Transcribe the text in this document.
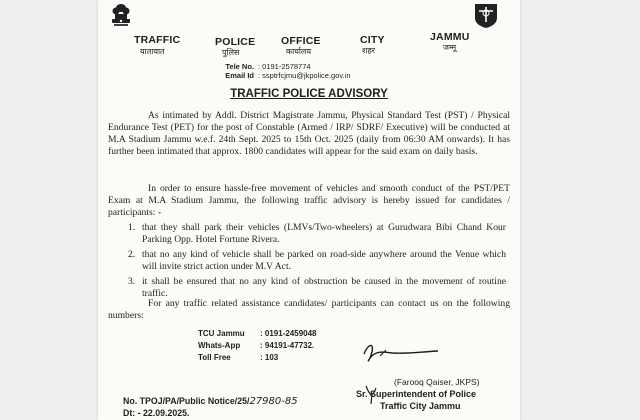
TRAFFIC
यातायात
POLICE
पुलिस
OFFICE
कार्यालय
CITY
शहर
JAMMU
जम्मू
Tele No. : 0191-2578774
Email Id : ssptrfcjmu@jkpolice.gov.in
TRAFFIC POLICE ADVISORY
As intimated by Addl. District Magistrate Jammu, Physical Standard Test (PST) / Physical Endurance Test (PET) for the post of Constable (Armed / IRP/ SDRF/ Executive) will be conducted at M.A Stadium Jammu w.e.f. 24th Sept. 2025 to 15th Oct. 2025 (daily from 06:30 AM onwards). It has further been intimated that approx. 1800 candidates will appear for the said exam on daily basis.
In order to ensure hassle-free movement of vehicles and smooth conduct of the PST/PET Exam at M.A Stadium Jammu, the following traffic advisory is hereby issued for candidates / participants: -
1. that they shall park their vehicles (LMVs/Two-wheelers) at Gurudwara Bibi Chand Kour Parking Opp. Hotel Fortune Rivera.
2. that no any kind of vehicle shall be parked on road-side anywhere around the Venue which will invite strict action under M.V Act.
3. it shall be ensured that no any kind of obstruction be caused in the movement of routine traffic.
For any traffic related assistance candidates/ participants can contact us on the following numbers:
TCU Jammu : 0191-2459048
Whats-App : 94191-47732.
Toll Free	: 103
(Farooq Qaiser, JKPS)
Sr. Superintendent of Police
Traffic City Jammu
No. TPOJ/PA/Public Notice/25/27980-85
Dt: - 22.09.2025.
